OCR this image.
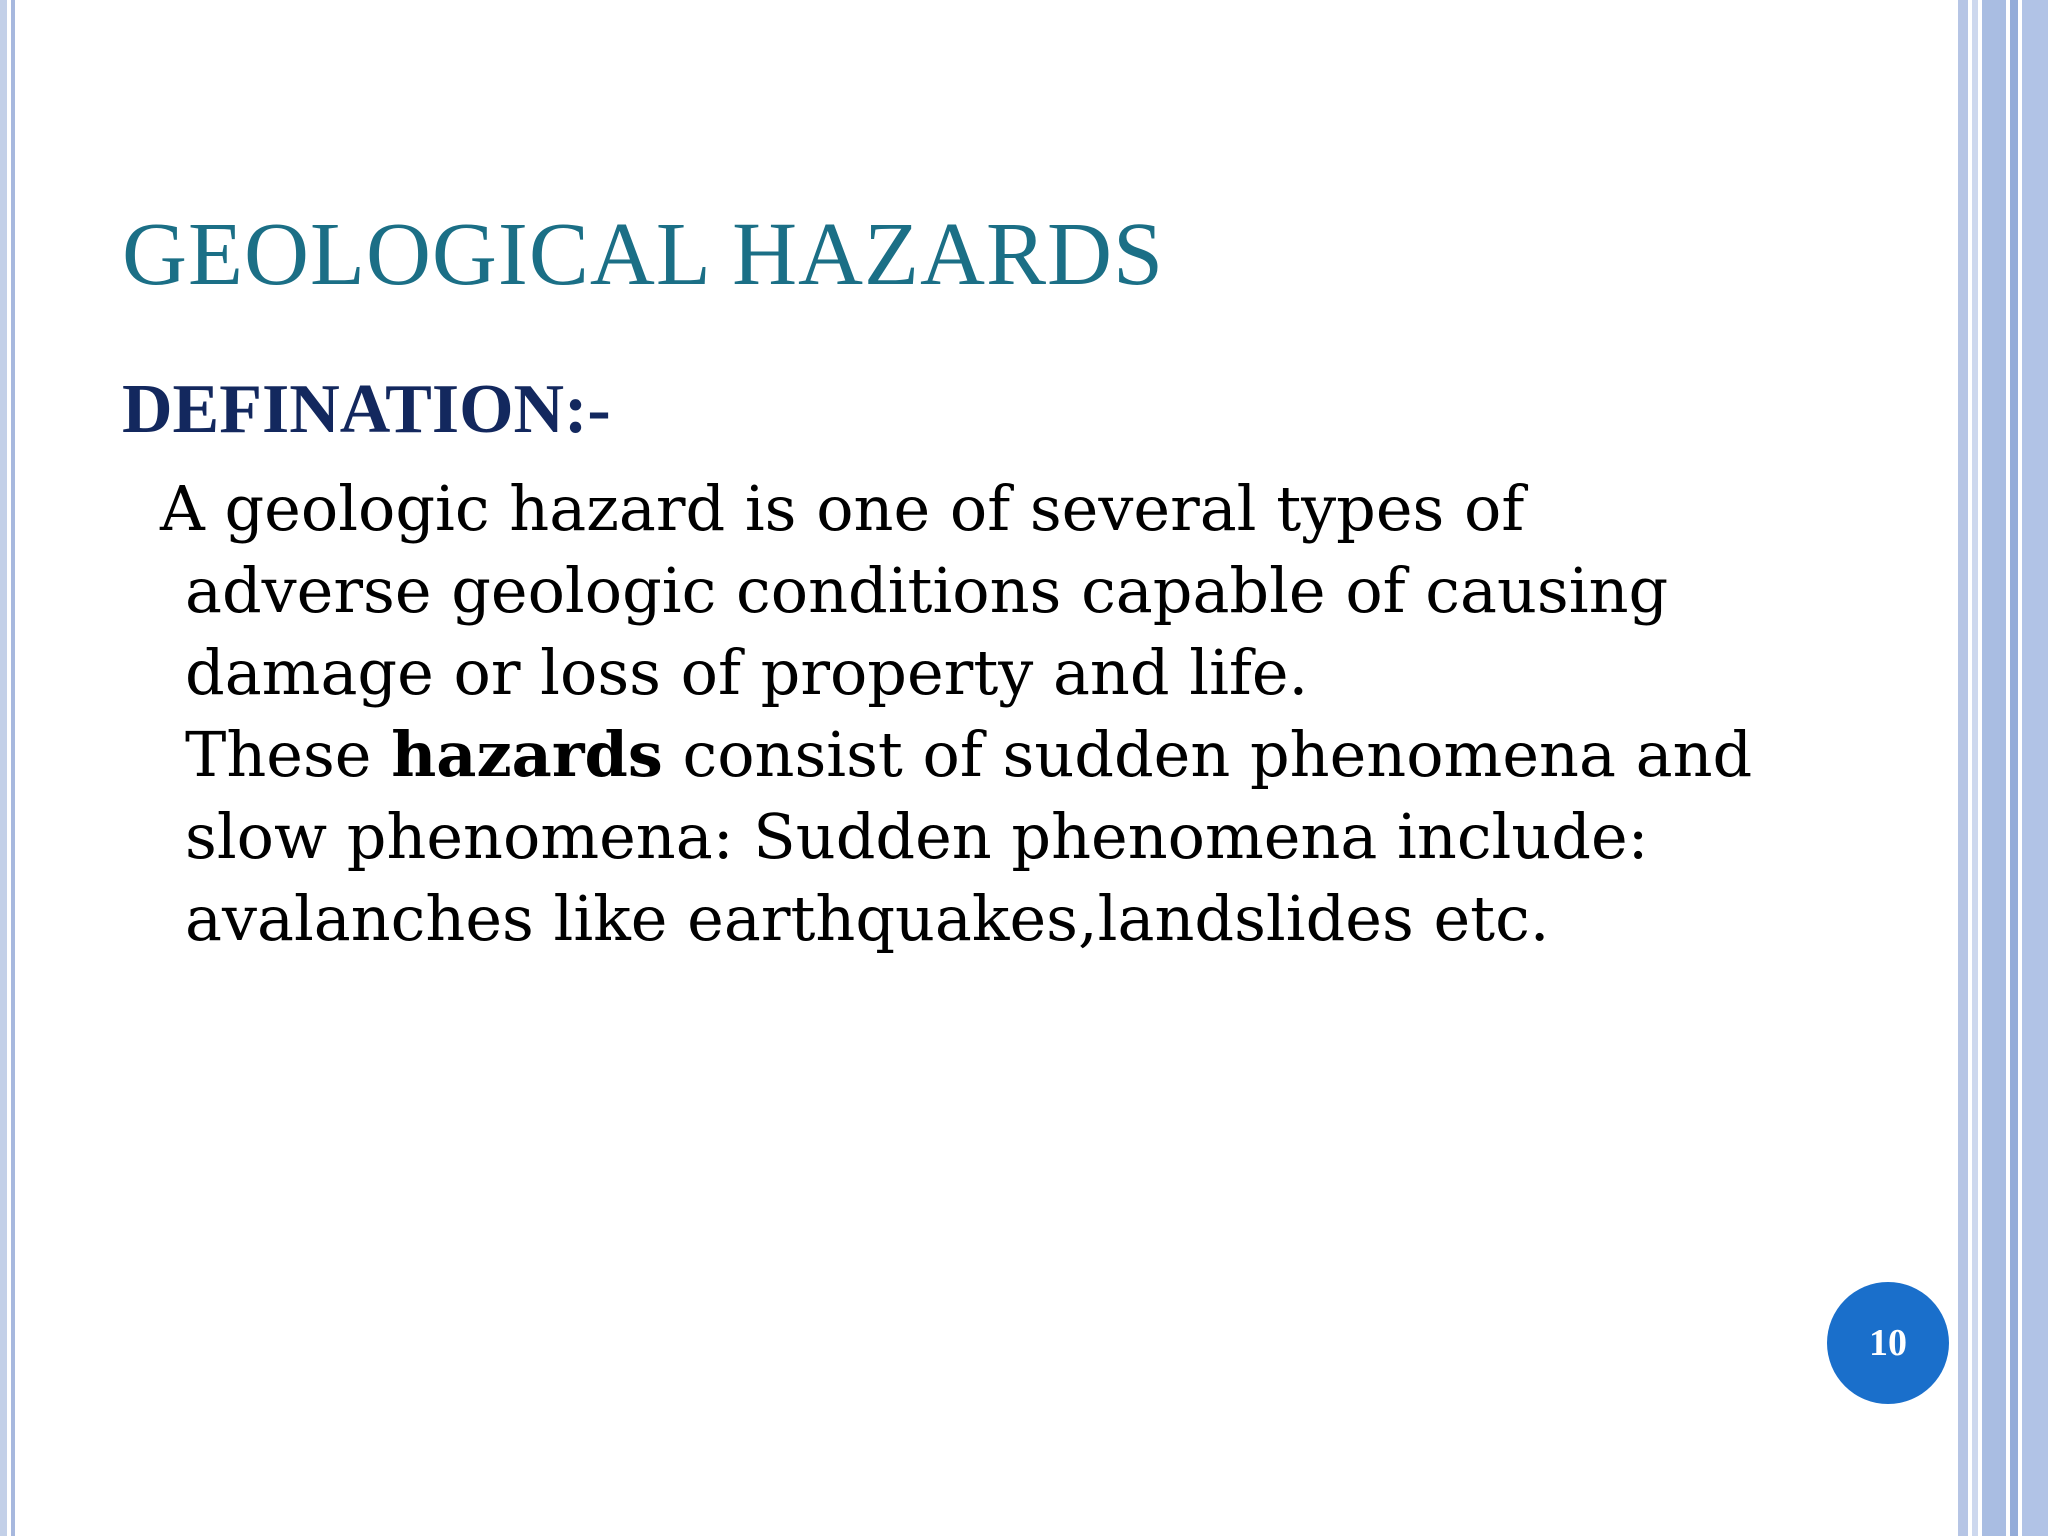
GEOLOGICAL HAZARDS
DEFINATION:-
A geologic hazard is one of several types of
adverse geologic conditions capable of causing
damage or loss of property and life.
These hazards consist of sudden phenomena and
slow phenomena: Sudden phenomena include:
avalanches like earthquakes,landslides etc.
10
